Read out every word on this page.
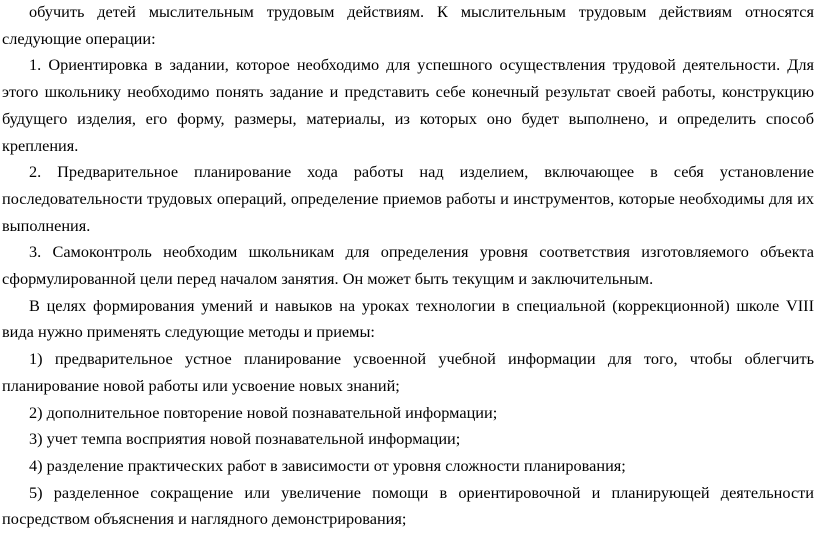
обучить детей мыслительным трудовым действиям. К мыслительным трудовым действиям относятся следующие операции:

1. Ориентировка в задании, которое необходимо для успешного осуществления трудовой деятельности. Для этого школьнику необходимо понять задание и представить себе конечный результат своей работы, конструкцию будущего изделия, его форму, размеры, материалы, из которых оно будет выполнено, и определить способ крепления.

2. Предварительное планирование хода работы над изделием, включающее в себя установление последовательности трудовых операций, определение приемов работы и инструментов, которые необходимы для их выполнения.

3. Самоконтроль необходим школьникам для определения уровня соответствия изготовляемого объекта сформулированной цели перед началом занятия. Он может быть текущим и заключительным.

В целях формирования умений и навыков на уроках технологии в специальной (коррекционной) школе VIII вида нужно применять следующие методы и приемы:

1) предварительное устное планирование усвоенной учебной информации для того, чтобы облегчить планирование новой работы или усвоение новых знаний;

2) дополнительное повторение новой познавательной информации;

3) учет темпа восприятия новой познавательной информации;

4) разделение практических работ в зависимости от уровня сложности планирования;

5) разделенное сокращение или увеличение помощи в ориентировочной и планирующей деятельности посредством объяснения и наглядного демонстрирования;
